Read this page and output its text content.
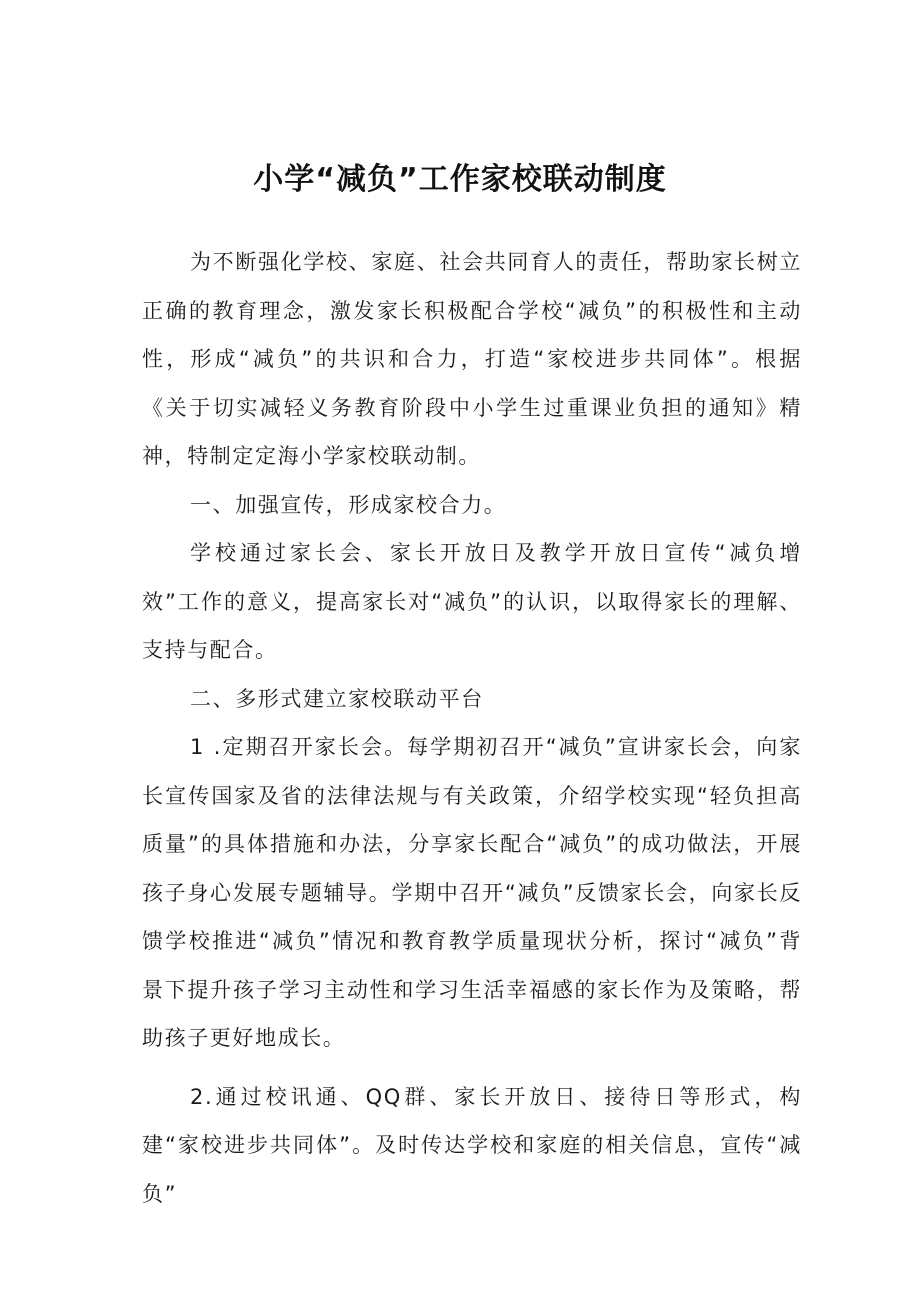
小学“减负”工作家校联动制度

为不断强化学校、家庭、社会共同育人的责任，帮助家长树立正确的教育理念，激发家长积极配合学校“减负”的积极性和主动性，形成“减负”的共识和合力，打造“家校进步共同体”。根据《关于切实减轻义务教育阶段中小学生过重课业负担的通知》精神，特制定定海小学家校联动制。

一、加强宣传，形成家校合力。

学校通过家长会、家长开放日及教学开放日宣传“减负增效”工作的意义，提高家长对“减负”的认识，以取得家长的理解、支持与配合。

二、多形式建立家校联动平台

1 .定期召开家长会。每学期初召开“减负”宣讲家长会，向家长宣传国家及省的法律法规与有关政策，介绍学校实现“轻负担高质量”的具体措施和办法，分享家长配合“减负”的成功做法，开展孩子身心发展专题辅导。学期中召开“减负”反馈家长会，向家长反馈学校推进“减负”情况和教育教学质量现状分析，探讨“减负”背景下提升孩子学习主动性和学习生活幸福感的家长作为及策略，帮助孩子更好地成长。

2.通过校讯通、QQ群、家长开放日、接待日等形式，构建“家校进步共同体”。及时传达学校和家庭的相关信息，宣传“减负”
